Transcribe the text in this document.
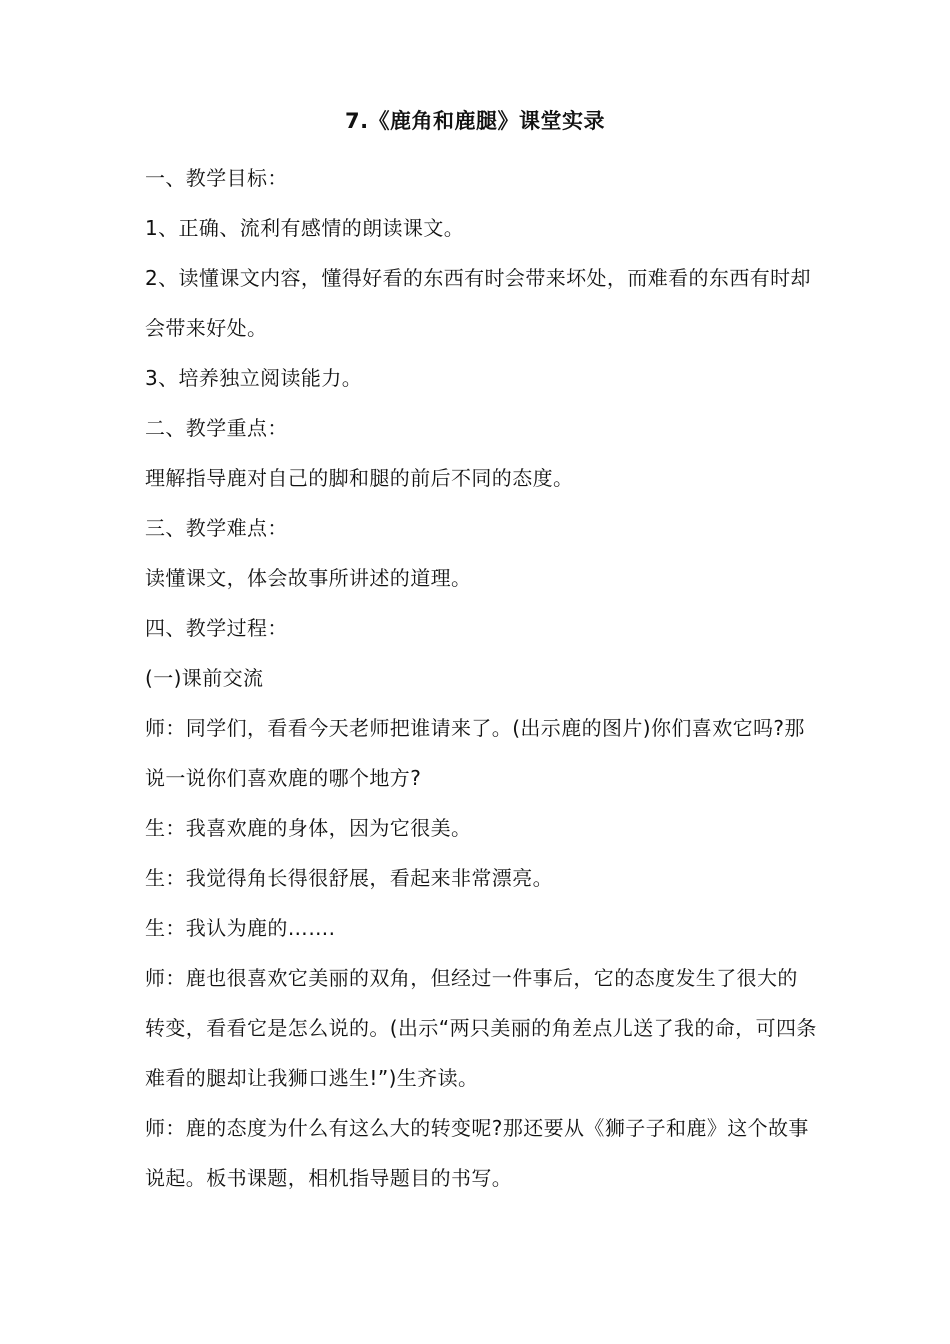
7.《鹿角和鹿腿》课堂实录

一、教学目标：

1、正确、流利有感情的朗读课文。

2、读懂课文内容，懂得好看的东西有时会带来坏处，而难看的东西有时却会带来好处。

3、培养独立阅读能力。

二、教学重点：

理解指导鹿对自己的脚和腿的前后不同的态度。

三、教学难点：

读懂课文，体会故事所讲述的道理。

四、教学过程：

(一)课前交流

师：同学们，看看今天老师把谁请来了。(出示鹿的图片)你们喜欢它吗?那说一说你们喜欢鹿的哪个地方?

生：我喜欢鹿的身体，因为它很美。

生：我觉得角长得很舒展，看起来非常漂亮。

生：我认为鹿的…….

师：鹿也很喜欢它美丽的双角，但经过一件事后，它的态度发生了很大的转变，看看它是怎么说的。(出示“两只美丽的角差点儿送了我的命，可四条难看的腿却让我狮口逃生!”)生齐读。

师：鹿的态度为什么有这么大的转变呢?那还要从《狮子子和鹿》这个故事说起。板书课题，相机指导题目的书写。
